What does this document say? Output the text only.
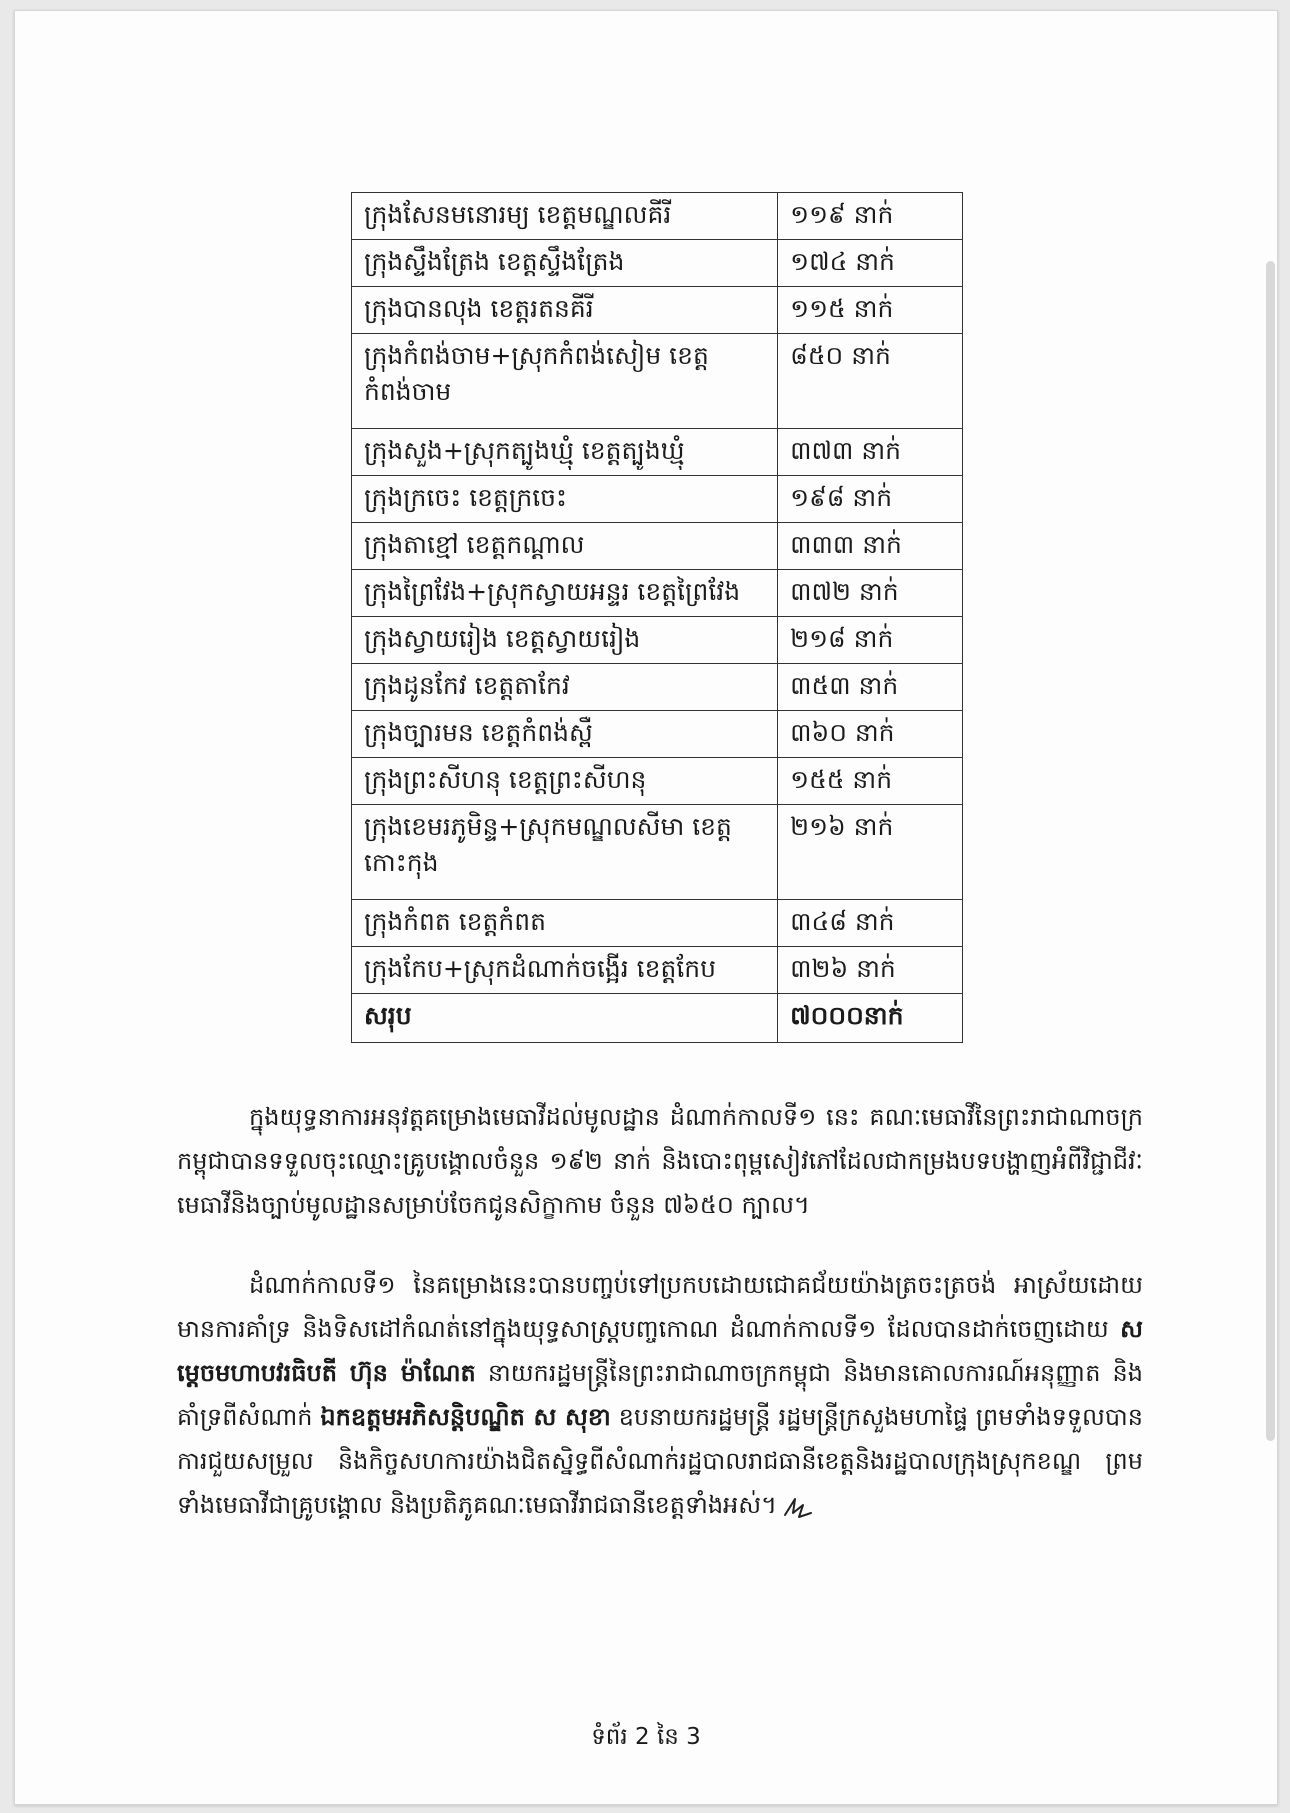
ក្រុងសែនមនោរម្យ ខេត្តមណ្ឌលគីរី	១១៩ នាក់
ក្រុងស្ទឹងត្រែង ខេត្តស្ទឹងត្រែង	១៧៤ នាក់
ក្រុងបានលុង ខេត្តរតនគីរី	១១៥ នាក់
ក្រុងកំពង់ចាម+ស្រុកកំពង់សៀម ខេត្តកំពង់ចាម	៨៥០ នាក់
ក្រុងសួង+ស្រុកត្បូងឃ្មុំ ខេត្តត្បូងឃ្មុំ	៣៧៣ នាក់
ក្រុងក្រចេះ ខេត្តក្រចេះ	១៩៨ នាក់
ក្រុងតាខ្មៅ ខេត្តកណ្តាល	៣៣៣ នាក់
ក្រុងព្រៃវែង+ស្រុកស្វាយអន្ទរ ខេត្តព្រៃវែង	៣៧២ នាក់
ក្រុងស្វាយរៀង ខេត្តស្វាយរៀង	២១៨ នាក់
ក្រុងដូនកែវ ខេត្តតាកែវ	៣៥៣ នាក់
ក្រុងច្បារមន ខេត្តកំពង់ស្ពឺ	៣៦០ នាក់
ក្រុងព្រះសីហនុ ខេត្តព្រះសីហនុ	១៥៥ នាក់
ក្រុងខេមរភូមិន្ទ+ស្រុកមណ្ឌលសីមា ខេត្តកោះកុង	២១៦ នាក់
ក្រុងកំពត ខេត្តកំពត	៣៤៨ នាក់
ក្រុងកែប+ស្រុកដំណាក់ចង្អើរ ខេត្តកែប	៣២៦ នាក់
សរុប	៧០០០នាក់

ក្នុងយុទ្ធនាការអនុវត្តគម្រោងមេធាវីដល់មូលដ្ឋាន ដំណាក់កាលទី១ នេះ គណៈមេធាវីនៃព្រះរាជាណាចក្រកម្ពុជាបានទទួលចុះឈ្មោះគ្រូបង្គោលចំនួន ១៩២ នាក់ និងបោះពុម្ពសៀវភៅដែលជាកម្រងបទបង្ហាញអំពីវិជ្ជាជីវៈមេធាវីនិងច្បាប់មូលដ្ឋានសម្រាប់ចែកជូនសិក្ខាកាម ចំនួន ៧៦៥០ ក្បាល។

ដំណាក់កាលទី១ នៃគម្រោងនេះបានបញ្ចប់ទៅប្រកបដោយជោគជ័យយ៉ាងត្រចះត្រចង់ អាស្រ័យដោយមានការគាំទ្រ និងទិសដៅកំណត់នៅក្នុងយុទ្ធសាស្ត្របញ្ចកោណ ដំណាក់កាលទី១ ដែលបានដាក់ចេញដោយ សម្តេចមហាបវរធិបតី ហ៊ុន ម៉ាណែត នាយករដ្ឋមន្ត្រីនៃព្រះរាជាណាចក្រកម្ពុជា និងមានគោលការណ៍អនុញ្ញាត និងគាំទ្រពីសំណាក់ ឯកឧត្តមអភិសន្តិបណ្ឌិត ស សុខា ឧបនាយករដ្ឋមន្ត្រី រដ្ឋមន្ត្រីក្រសួងមហាផ្ទៃ ព្រមទាំងទទួលបានការជួយសម្រួល និងកិច្ចសហការយ៉ាងជិតស្និទ្ធពីសំណាក់រដ្ឋបាលរាជធានីខេត្តនិងរដ្ឋបាលក្រុងស្រុកខណ្ឌ ព្រមទាំងមេធាវីជាគ្រូបង្គោល និងប្រតិភូគណៈមេធាវីរាជធានីខេត្តទាំងអស់។

ទំព័រ 2 នៃ 3
